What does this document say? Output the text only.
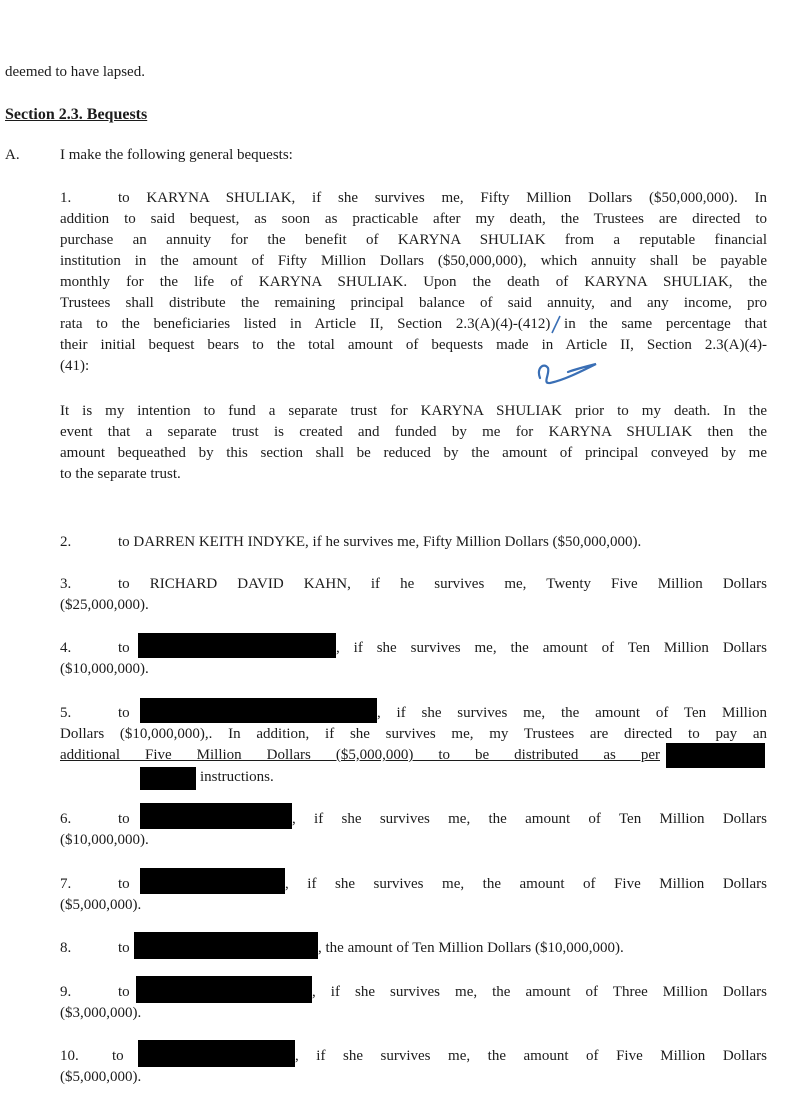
deemed to have lapsed.
Section 2.3. Bequests
A.	I make the following general bequests:
1.	to KARYNA SHULIAK, if she survives me, Fifty Million Dollars ($50,000,000). In
addition to said bequest, as soon as practicable after my death, the Trustees are directed to
purchase an annuity for the benefit of KARYNA SHULIAK from a reputable financial
institution in the amount of Fifty Million Dollars ($50,000,000), which annuity shall be payable
monthly for the life of KARYNA SHULIAK. Upon the death of KARYNA SHULIAK, the
Trustees shall distribute the remaining principal balance of said annuity, and any income, pro
rata to the beneficiaries listed in Article II, Section 2.3(A)(4)-(412) in the same percentage that
their initial bequest bears to the total amount of bequests made in Article II, Section 2.3(A)(4)-
(41):
It is my intention to fund a separate trust for KARYNA SHULIAK prior to my death. In the
event that a separate trust is created and funded by me for KARYNA SHULIAK then the
amount bequeathed by this section shall be reduced by the amount of principal conveyed by me
to the separate trust.
2.	to DARREN KEITH INDYKE, if he survives me, Fifty Million Dollars ($50,000,000).
3.	to RICHARD DAVID KAHN, if he survives me, Twenty Five Million Dollars
($25,000,000).
4.	to	, if she survives me, the amount of Ten Million Dollars
($10,000,000).
5.	to	, if she survives me, the amount of Ten Million
Dollars ($10,000,000),. In addition, if she survives me, my Trustees are directed to pay an
additional Five Million Dollars ($5,000,000) to be distributed as per
instructions.
6.	to	, if she survives me, the amount of Ten Million Dollars
($10,000,000).
7.	to	, if she survives me, the amount of Five Million Dollars
($5,000,000).
8.	to	, the amount of Ten Million Dollars ($10,000,000).
9.	to	, if she survives me, the amount of Three Million Dollars
($3,000,000).
10. to	, if she survives me, the amount of Five Million Dollars
($5,000,000).
